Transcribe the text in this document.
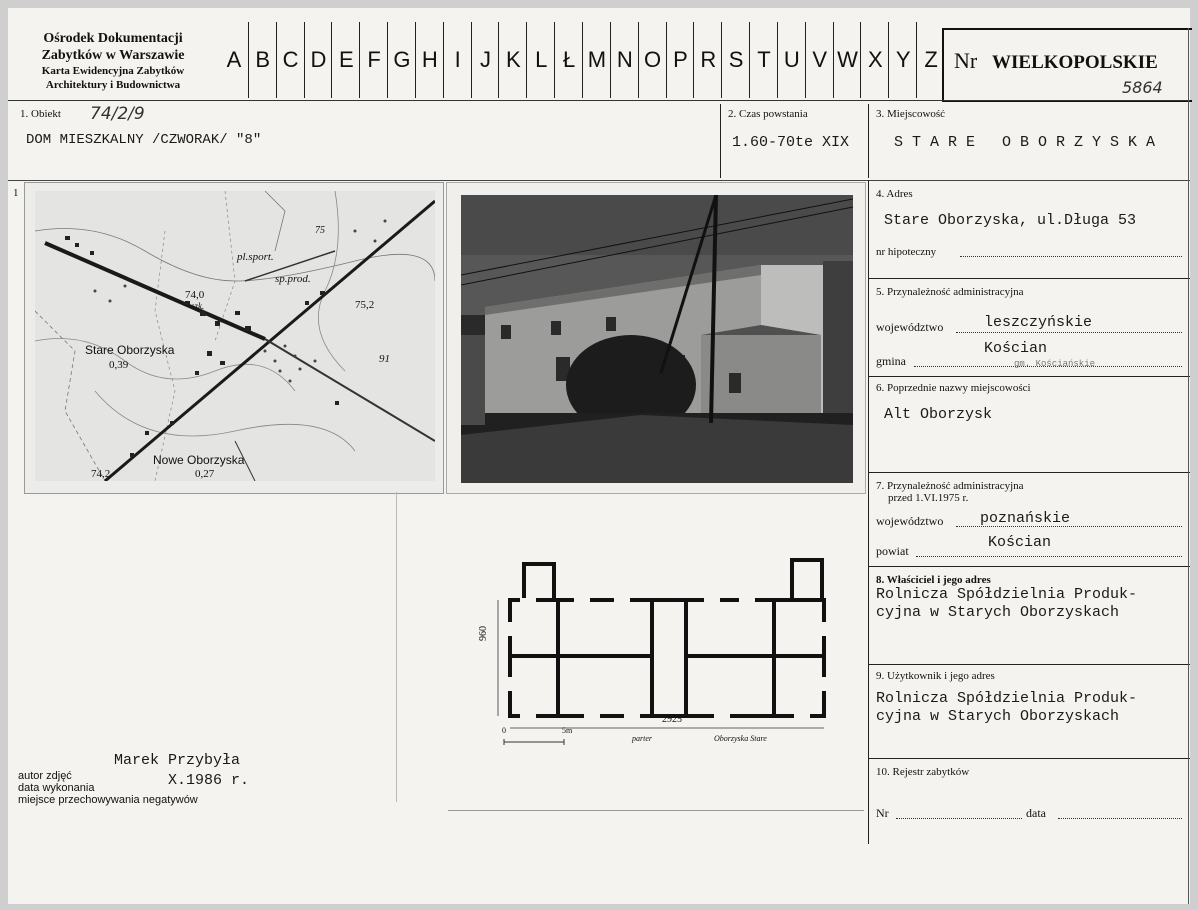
Ośrodek Dokumentacji
Zabytków w Warszawie
Karta Ewidencyjna Zabytków
Architektury i Budownictwa
A B C D E F G H I J K L Ł M N O P R S T U V W X Y Z Nr WIELKOPOLSKIE
5864
1. Obiekt 74/2/9
DOM MIESZKALNY /CZWORAK/ "8"
2. Czas powstania
1.60-70te XIX
3. Miejscowość
S T A R E   O B O R Z Y S K A
1
pl.sport.
sp.prod.
74,0
szk.	75,2
Stare Oborzyska
0,39	91
Nowe Oborzyska
0,27
74,2
75
2925
960
0	5m
parter	Oborzyska Stare
autor zdjęć
Marek Przybyła
data wykonania	X.1986 r.
miejsce przechowywania negatywów
4. Adres
Stare Oborzyska, ul.Długa 53
nr hipoteczny
5. Przynależność administracyjna
województwo	leszczyńskie
gmina
Kościan
gm. Kościańskie
6. Poprzednie nazwy miejscowości
Alt Oborzysk
7. Przynależność administracyjna
przed 1.VI.1975 r.
województwo poznańskie
powiat	Kościan
8. Właściciel i jego adres
Rolnicza Spółdzielnia Produk-
cyjna w Starych Oborzyskach
9. Użytkownik i jego adres
Rolnicza Spółdzielnia Produk-
cyjna w Starych Oborzyskach
10. Rejestr zabytków
Nr	data
